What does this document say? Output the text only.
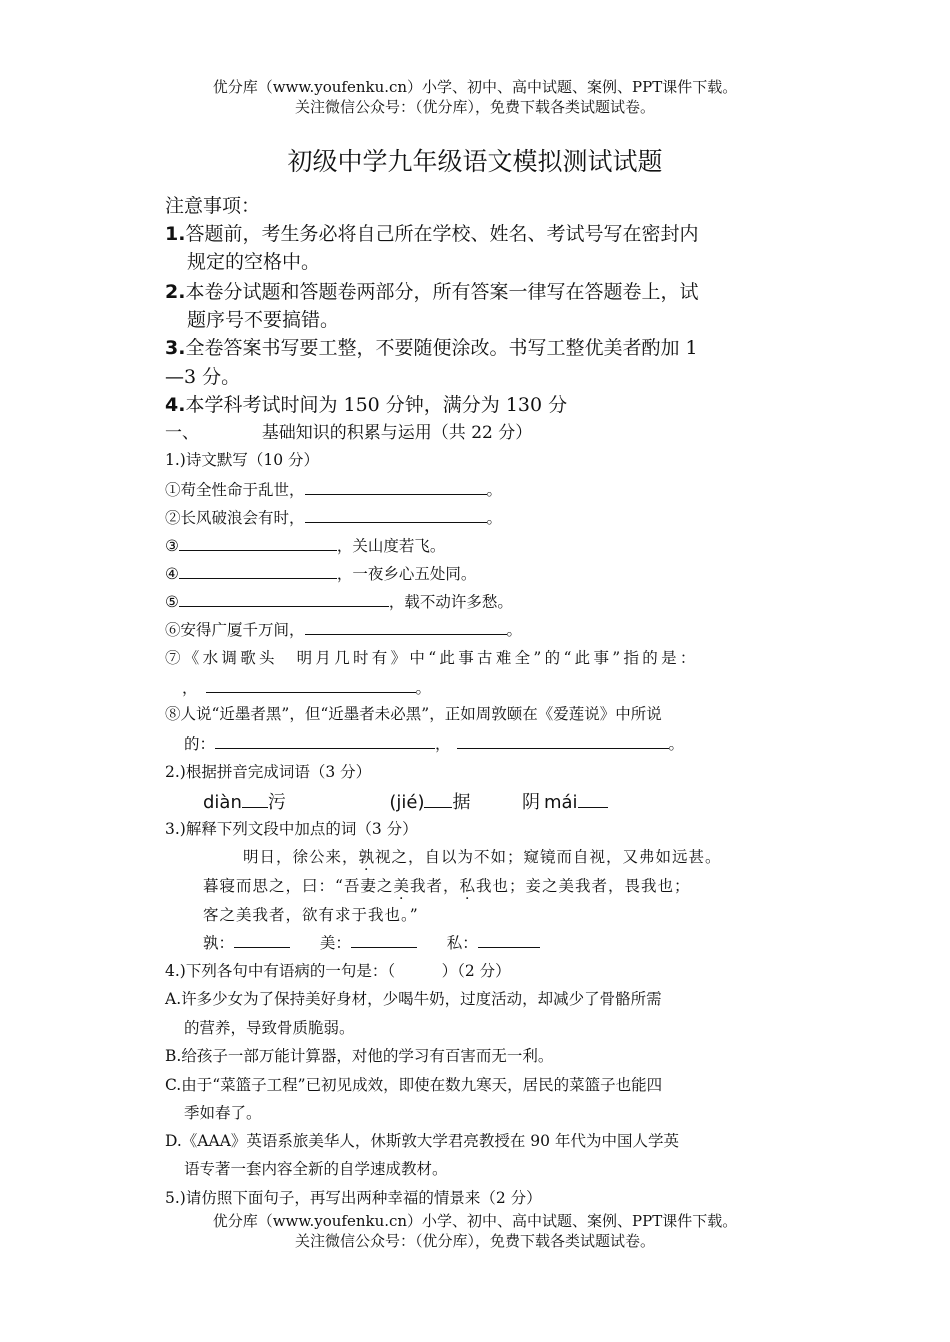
优分库（www.youfenku.cn）小学、初中、高中试题、案例、PPT课件下载。
关注微信公众号：（优分库），免费下载各类试题试卷。
初级中学九年级语文模拟测试试题
注意事项：
1.答题前，考生务必将自己所在学校、姓名、考试号写在密封内
规定的空格中。
2.本卷分试题和答题卷两部分，所有答案一律写在答题卷上，试
题序号不要搞错。
3.全卷答案书写要工整，不要随便涂改。书写工整优美者酌加 1
—3 分。
4.本学科考试时间为 150 分钟，满分为 130 分
一、	基础知识的积累与运用（共 22 分）
1.)诗文默写（10 分）
①苟全性命于乱世，	。
②长风破浪会有时，	。
③	，关山度若飞。
④	，一夜乡心五处同。
⑤	，载不动许多愁。
⑥安得广厦千万间，	。
⑦《水调歌头　明月几时有》中“此事古难全”的“此事”指的是：
，	。
⑧人说“近墨者黑”，但“近墨者未必黑”，正如周敦颐在《爱莲说》中所说
的：	，	。
2.)根据拼音完成词语（3 分）
diàn 污	(jié) 据	阴 mái
3.)解释下列文段中加点的词（3 分）
明日，徐公来，孰视之，自以为不如；窥镜而自视，又弗如远甚。
暮寝而思之，曰：“吾妻之美我者，私我也；妾之美我者，畏我也；
客之美我者，欲有求于我也。”
孰：	美：	私：
4.)下列各句中有语病的一句是：（　　　）（2 分）
A.许多少女为了保持美好身材，少喝牛奶，过度活动，却减少了骨骼所需
的营养，导致骨质脆弱。
B.给孩子一部万能计算器，对他的学习有百害而无一利。
C.由于“菜篮子工程”已初见成效，即使在数九寒天，居民的菜篮子也能四
季如春了。
D.《AAA》英语系旅美华人，休斯敦大学君亮教授在 90 年代为中国人学英
语专著一套内容全新的自学速成教材。
5.)请仿照下面句子，再写出两种幸福的情景来（2 分）
优分库（www.youfenku.cn）小学、初中、高中试题、案例、PPT课件下载。
关注微信公众号：（优分库），免费下载各类试题试卷。
